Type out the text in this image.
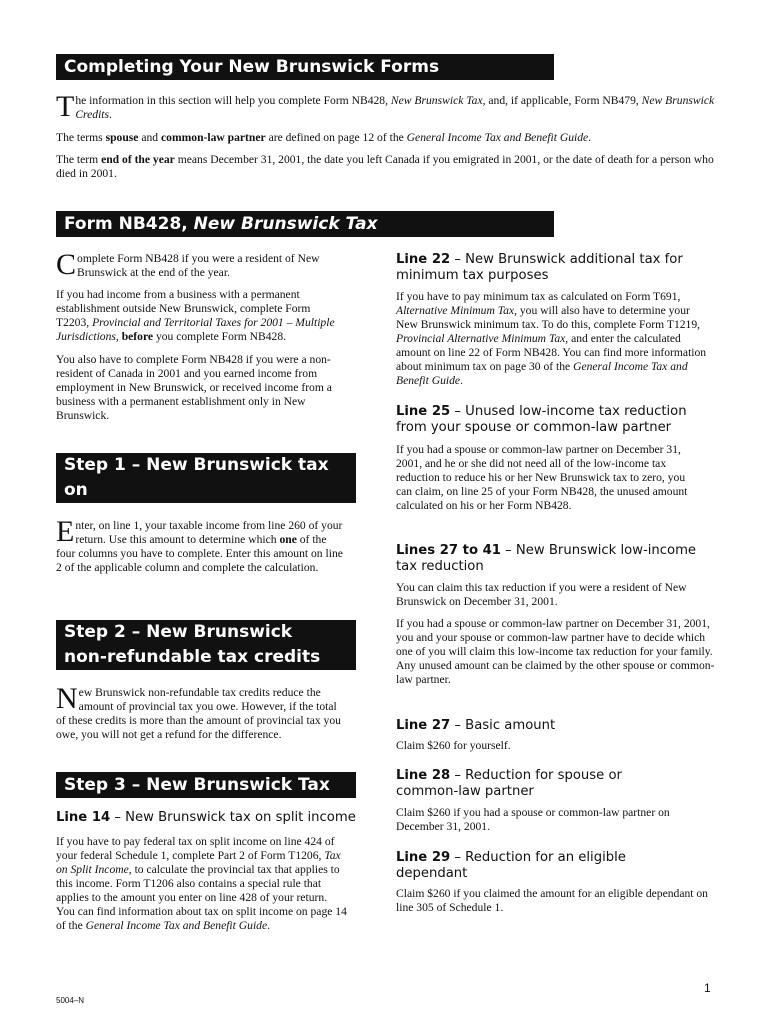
Completing Your New Brunswick Forms
The information in this section will help you complete Form NB428, New Brunswick Tax, and, if applicable, Form NB479, New Brunswick Credits.
The terms spouse and common-law partner are defined on page 12 of the General Income Tax and Benefit Guide.
The term end of the year means December 31, 2001, the date you left Canada if you emigrated in 2001, or the date of death for a person who died in 2001.
Form NB428, New Brunswick Tax
Complete Form NB428 if you were a resident of New Brunswick at the end of the year.
If you had income from a business with a permanent establishment outside New Brunswick, complete Form T2203, Provincial and Territorial Taxes for 2001 – Multiple Jurisdictions, before you complete Form NB428.
You also have to complete Form NB428 if you were a non-resident of Canada in 2001 and you earned income from employment in New Brunswick, or received income from a business with a permanent establishment only in New Brunswick.
Step 1 – New Brunswick tax on
taxable income
Enter, on line 1, your taxable income from line 260 of your return. Use this amount to determine which one of the four columns you have to complete. Enter this amount on line 2 of the applicable column and complete the calculation.
Step 2 – New Brunswick
non-refundable tax credits
New Brunswick non-refundable tax credits reduce the amount of provincial tax you owe. However, if the total of these credits is more than the amount of provincial tax you owe, you will not get a refund for the difference.
Step 3 – New Brunswick Tax
Line 14 – New Brunswick tax on split income
If you have to pay federal tax on split income on line 424 of your federal Schedule 1, complete Part 2 of Form T1206, Tax on Split Income, to calculate the provincial tax that applies to this income. Form T1206 also contains a special rule that applies to the amount you enter on line 428 of your return. You can find information about tax on split income on page 14 of the General Income Tax and Benefit Guide.
Line 22 – New Brunswick additional tax for minimum tax purposes
If you have to pay minimum tax as calculated on Form T691, Alternative Minimum Tax, you will also have to determine your New Brunswick minimum tax. To do this, complete Form T1219, Provincial Alternative Minimum Tax, and enter the calculated amount on line 22 of Form NB428. You can find more information about minimum tax on page 30 of the General Income Tax and Benefit Guide.
Line 25 – Unused low-income tax reduction from your spouse or common-law partner
If you had a spouse or common-law partner on December 31, 2001, and he or she did not need all of the low-income tax reduction to reduce his or her New Brunswick tax to zero, you can claim, on line 25 of your Form NB428, the unused amount calculated on his or her Form NB428.
Lines 27 to 41 – New Brunswick low-income tax reduction
You can claim this tax reduction if you were a resident of New Brunswick on December 31, 2001.
If you had a spouse or common-law partner on December 31, 2001, you and your spouse or common-law partner have to decide which one of you will claim this low-income tax reduction for your family. Any unused amount can be claimed by the other spouse or common-law partner.
Line 27 – Basic amount
Claim $260 for yourself.
Line 28 – Reduction for spouse or common-law partner
Claim $260 if you had a spouse or common-law partner on December 31, 2001.
Line 29 – Reduction for an eligible dependant
Claim $260 if you claimed the amount for an eligible dependant on line 305 of Schedule 1.
5004–N
1
